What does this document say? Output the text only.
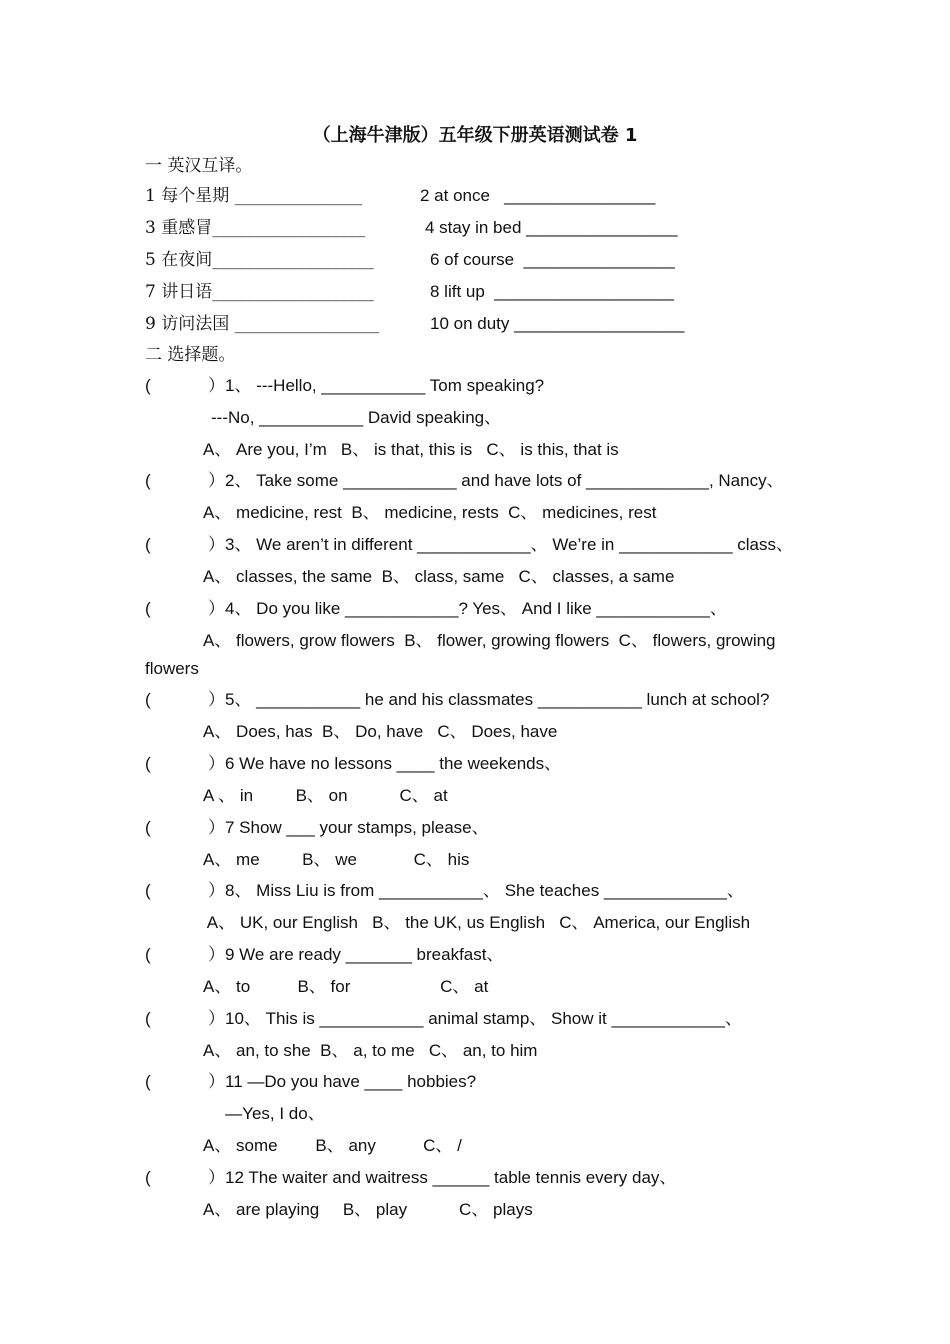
（上海牛津版）五年级下册英语测试卷 1
一 英汉互译。
1 每个星期 _______________	2 at once   ________________
3 重感冒__________________	4 stay in bed ________________
5 在夜间___________________	6 of course  ________________
7 讲日语___________________	8 lift up  ___________________
9 访问法国 _________________	10 on duty __________________
二 选择题。
(	）1、 ---Hello, ___________ Tom speaking?
---No, ___________ David speaking、
A、 Are you, I’m   B、 is that, this is   C、 is this, that is
(	）2、 Take some ____________ and have lots of _____________, Nancy、
A、 medicine, rest  B、 medicine, rests  C、 medicines, rest
(	）3、 We aren’t in different ____________、 We’re in ____________ class、
A、 classes, the same  B、 class, same   C、 classes, a same
(	）4、 Do you like ____________? Yes、 And I like ____________、
A、 flowers, grow flowers  B、 flower, growing flowers  C、 flowers, growing
flowers
(	）5、 ___________ he and his classmates ___________ lunch at school?
A、 Does, has  B、 Do, have   C、 Does, have
(	）6 We have no lessons ____ the weekends、
A 、 in         B、 on           C、 at
(	）7 Show ___ your stamps, please、
A、 me         B、 we            C、 his
(	）8、 Miss Liu is from ___________、 She teaches _____________、
A、 UK, our English   B、 the UK, us English   C、 America, our English
(	）9 We are ready _______ breakfast、
A、 to          B、 for                   C、 at
(	）10、 This is ___________ animal stamp、 Show it ____________、
A、 an, to she  B、 a, to me   C、 an, to him
(	）11 —Do you have ____ hobbies?
—Yes, I do、
A、 some        B、 any          C、 /
(	）12 The waiter and waitress ______ table tennis every day、
A、 are playing     B、 play           C、 plays
